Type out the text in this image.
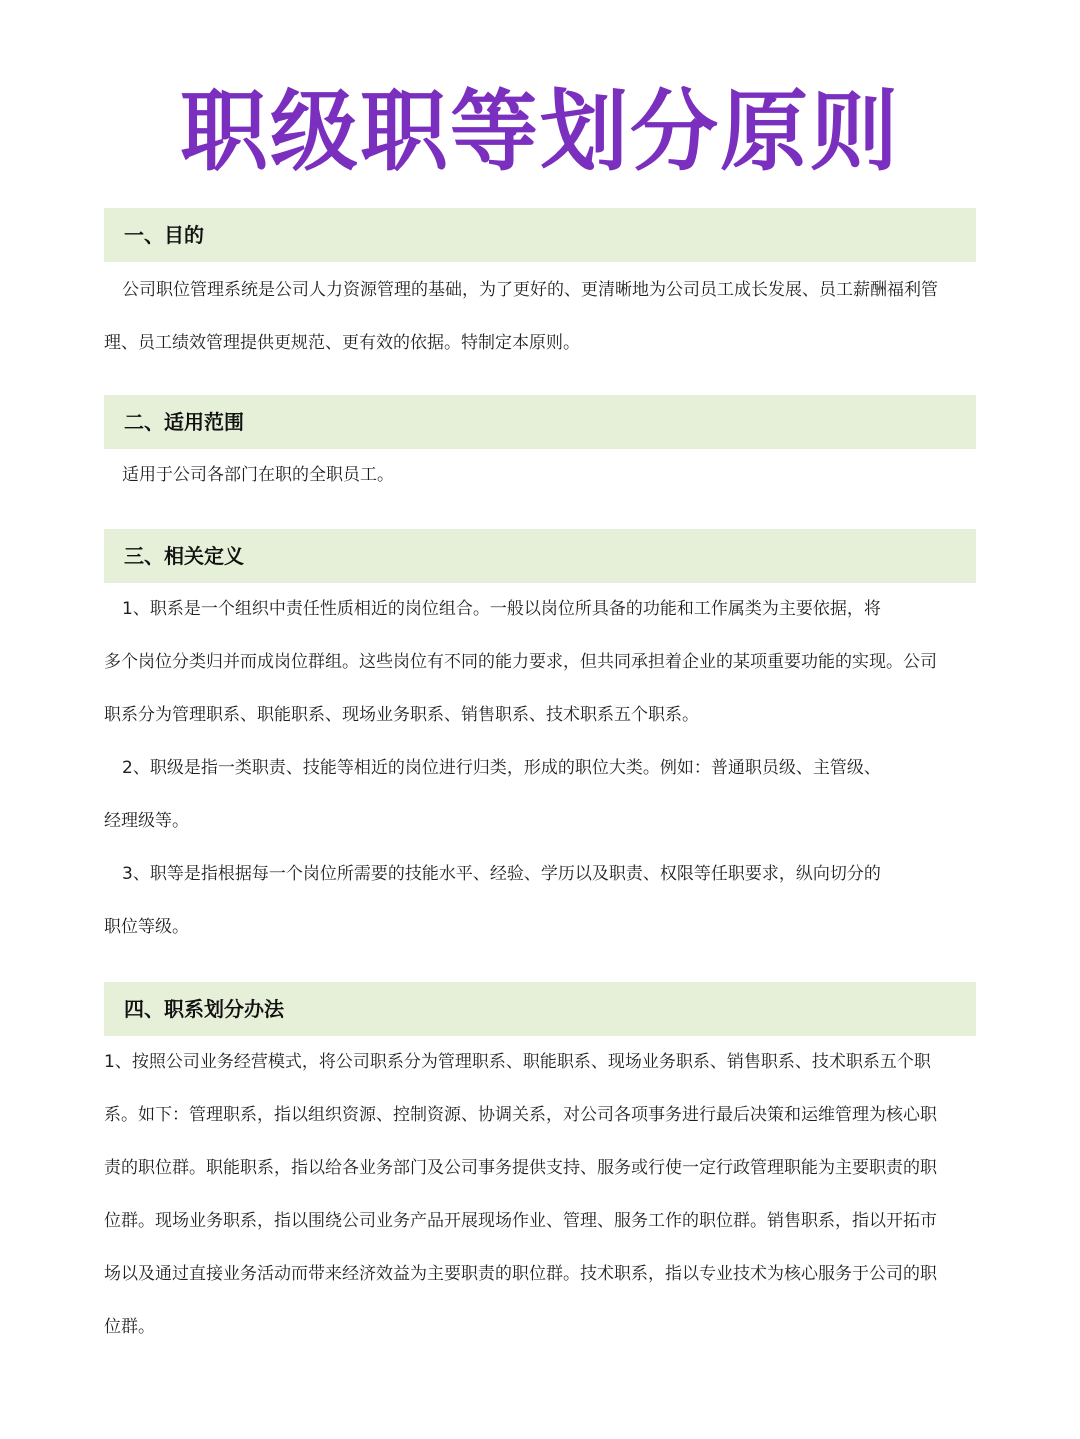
职级职等划分原则
一、目的
公司职位管理系统是公司人力资源管理的基础，为了更好的、更清晰地为公司员工成长发展、员工薪酬福利管
理、员工绩效管理提供更规范、更有效的依据。特制定本原则。
二、适用范围
适用于公司各部门在职的全职员工。
三、相关定义
1、职系是一个组织中责任性质相近的岗位组合。一般以岗位所具备的功能和工作属类为主要依据，将
多个岗位分类归并而成岗位群组。这些岗位有不同的能力要求，但共同承担着企业的某项重要功能的实现。公司
职系分为管理职系、职能职系、现场业务职系、销售职系、技术职系五个职系。
2、职级是指一类职责、技能等相近的岗位进行归类，形成的职位大类。例如：普通职员级、主管级、
经理级等。
3、职等是指根据每一个岗位所需要的技能水平、经验、学历以及职责、权限等任职要求，纵向切分的
职位等级。
四、职系划分办法
1、按照公司业务经营模式，将公司职系分为管理职系、职能职系、现场业务职系、销售职系、技术职系五个职
系。如下：管理职系，指以组织资源、控制资源、协调关系，对公司各项事务进行最后决策和运维管理为核心职
责的职位群。职能职系，指以给各业务部门及公司事务提供支持、服务或行使一定行政管理职能为主要职责的职
位群。现场业务职系，指以围绕公司业务产品开展现场作业、管理、服务工作的职位群。销售职系，指以开拓市
场以及通过直接业务活动而带来经济效益为主要职责的职位群。技术职系，指以专业技术为核心服务于公司的职
位群。
